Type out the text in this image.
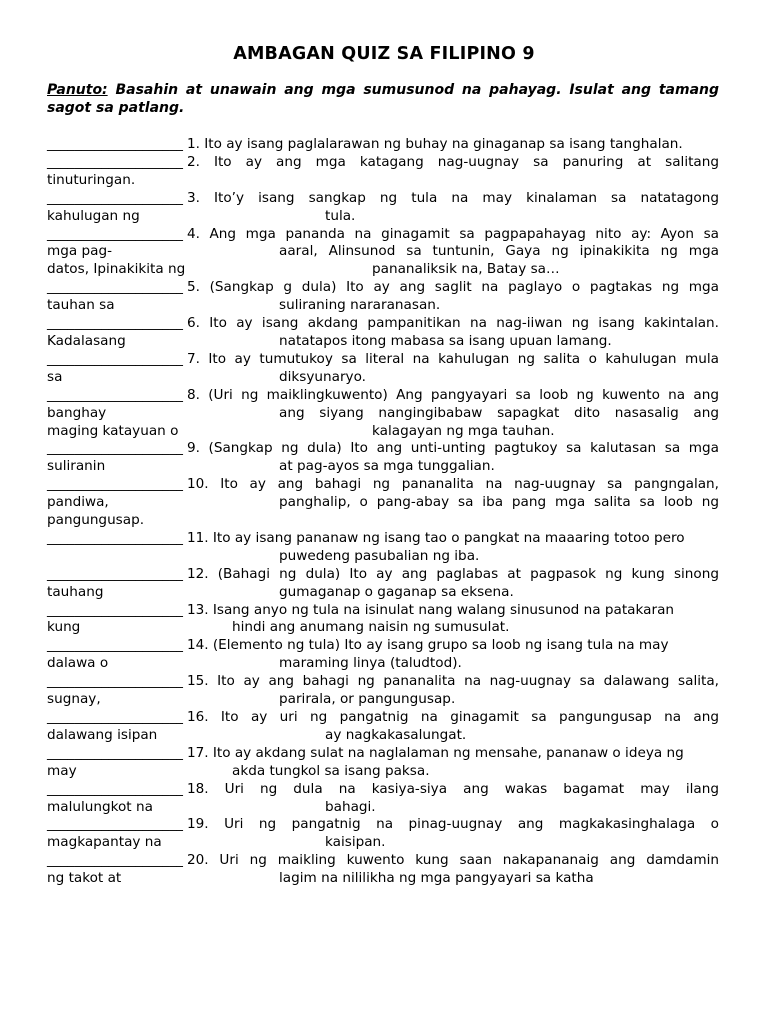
AMBAGAN QUIZ SA FILIPINO 9
Panuto: Basahin at unawain ang mga sumusunod na pahayag. Isulat ang tamang sagot sa patlang.
____________________ 1. Ito ay isang paglalarawan ng buhay na ginaganap sa isang tanghalan.
____________________ 2. Ito ay ang mga katagang nag-uugnay sa panuring at salitang
tinuturingan.
____________________ 3. Ito’y isang sangkap ng tula na may kinalaman sa natatagong
kahulugan ng	tula.
____________________ 4. Ang mga pananda na ginagamit sa pagpapahayag nito ay: Ayon sa
mga pag-	aaral, Alinsunod sa tuntunin, Gaya ng ipinakikita ng mga
datos, Ipinakikita ng	pananaliksik na, Batay sa…
____________________ 5. (Sangkap g dula) Ito ay ang saglit na paglayo o pagtakas ng mga
tauhan sa	suliraning nararanasan.
____________________ 6. Ito ay isang akdang pampanitikan na nag-iiwan ng isang kakintalan.
Kadalasang	natatapos itong mabasa sa isang upuan lamang.
____________________ 7. Ito ay tumutukoy sa literal na kahulugan ng salita o kahulugan mula
sa	diksyunaryo.
____________________ 8. (Uri ng maiklingkuwento) Ang pangyayari sa loob ng kuwento na ang
banghay	ang siyang nangingibabaw sapagkat dito nasasalig ang
maging katayuan o	kalagayan ng mga tauhan.
____________________ 9. (Sangkap ng dula) Ito ang unti-unting pagtukoy sa kalutasan sa mga
suliranin	at pag-ayos sa mga tunggalian.
____________________ 10. Ito ay ang bahagi ng pananalita na nag-uugnay sa pangngalan,
pandiwa,	panghalip, o pang-abay sa iba pang mga salita sa loob ng
pangungusap.
____________________ 11. Ito ay isang pananaw ng isang tao o pangkat na maaaring totoo pero
puwedeng pasubalian ng iba.
____________________ 12. (Bahagi ng dula) Ito ay ang paglabas at pagpasok ng kung sinong
tauhang	gumaganap o gaganap sa eksena.
____________________ 13. Isang anyo ng tula na isinulat nang walang sinusunod na patakaran
kung	hindi ang anumang naisin ng sumusulat.
____________________ 14. (Elemento ng tula) Ito ay isang grupo sa loob ng isang tula na may
dalawa o	maraming linya (taludtod).
____________________ 15. Ito ay ang bahagi ng pananalita na nag-uugnay sa dalawang salita,
sugnay,	parirala, or pangungusap.
____________________ 16. Ito ay uri ng pangatnig na ginagamit sa pangungusap na ang
dalawang isipan	ay nagkakasalungat.
____________________ 17. Ito ay akdang sulat na naglalaman ng mensahe, pananaw o ideya ng
may	akda tungkol sa isang paksa.
____________________ 18. Uri ng dula na kasiya-siya ang wakas bagamat may ilang
malulungkot na	bahagi.
____________________ 19. Uri ng pangatnig na pinag-uugnay ang magkakasinghalaga o
magkapantay na	kaisipan.
____________________ 20. Uri ng maikling kuwento kung saan nakapananaig ang damdamin
ng takot at	lagim na nililikha ng mga pangyayari sa katha
